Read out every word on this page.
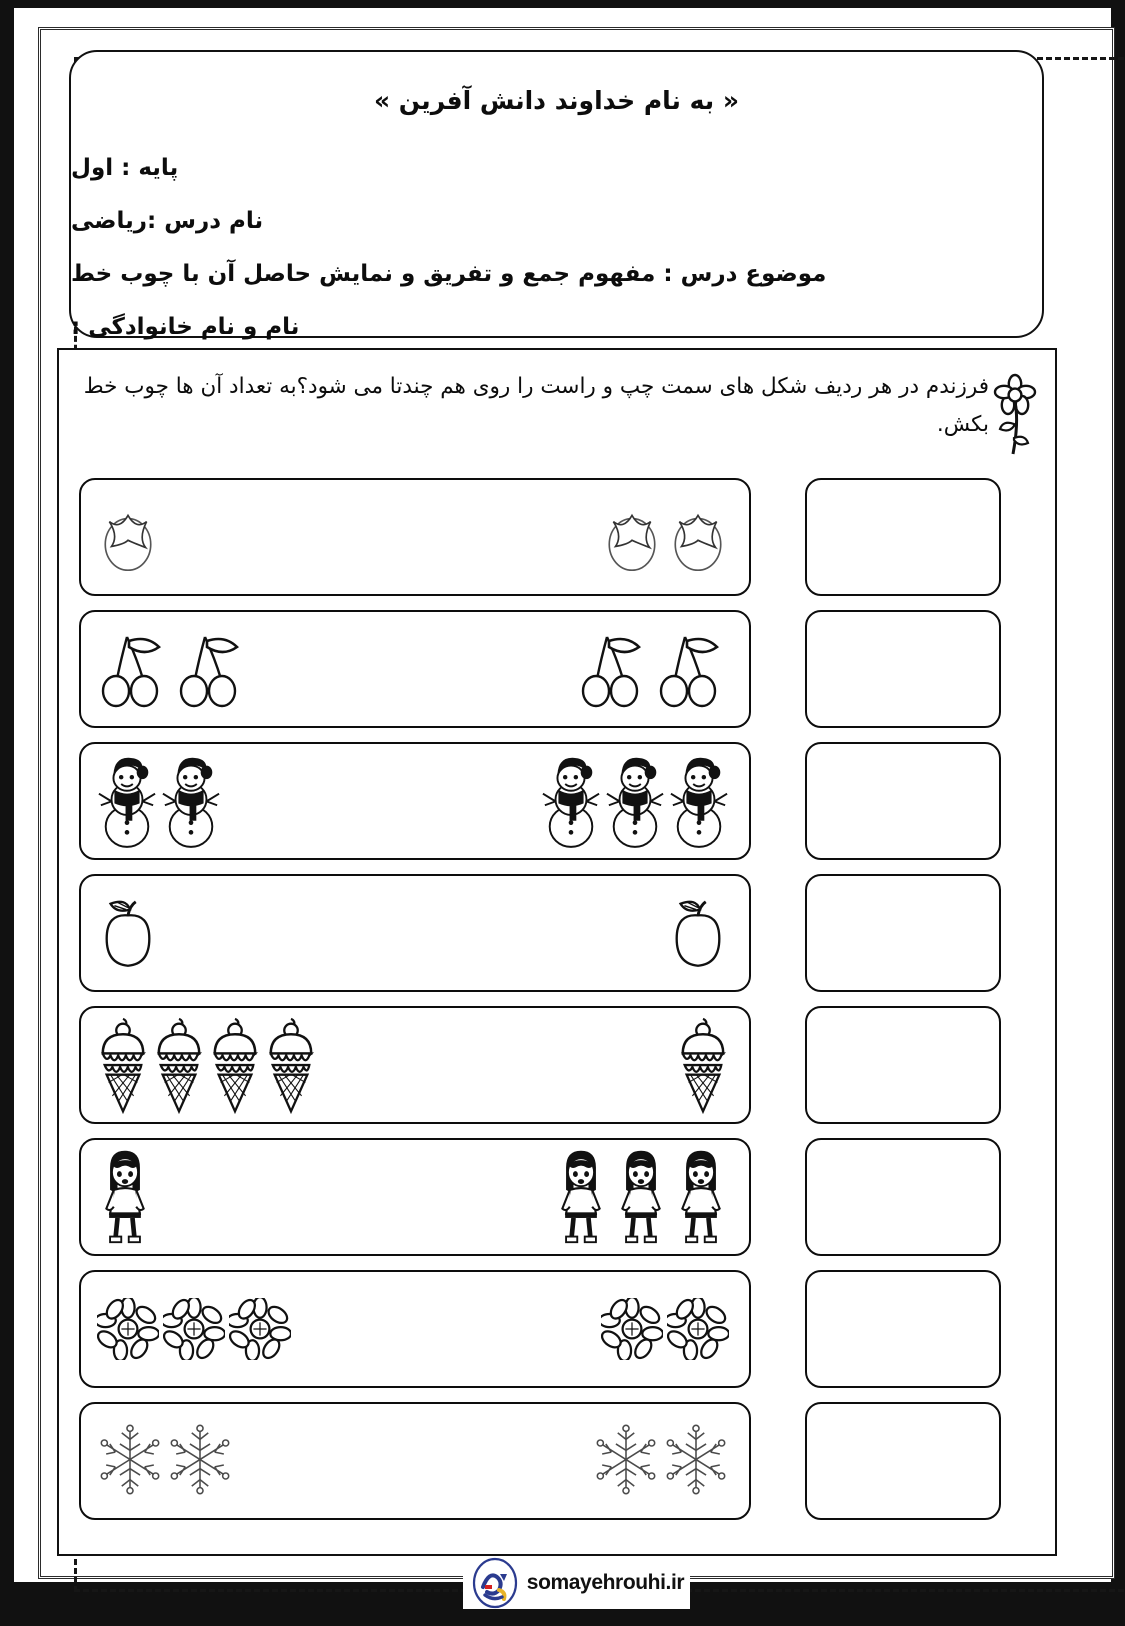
« به نام خداوند دانش آفرین »
پایه : اول
نام درس :ریاضی
موضوع درس : مفهوم جمع و تفریق و نمایش حاصل آن با چوب خط
نام و نام خانوادگی :
فرزندم در هر ردیف شکل های سمت چپ و راست را روی هم چندتا می شود؟به تعداد آن ها چوب خط بکش.
somayehrouhi.ir
